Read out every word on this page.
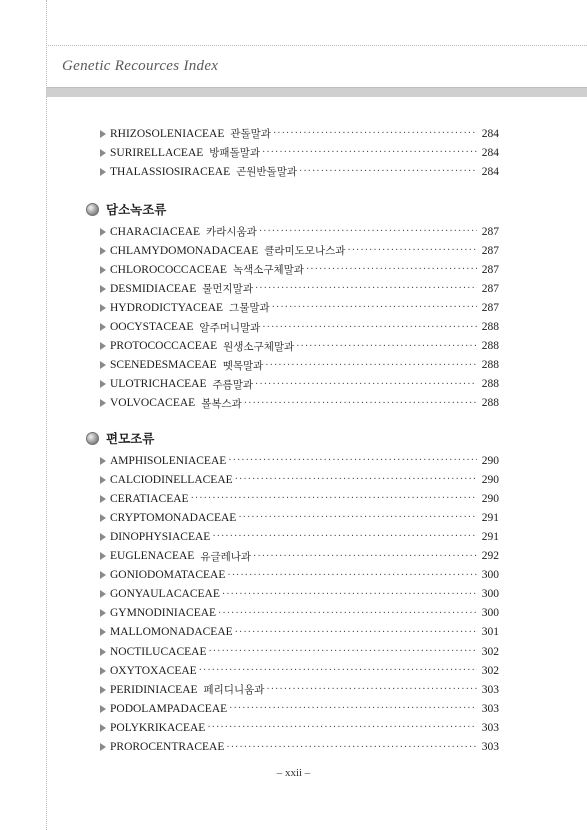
Genetic Recources Index
RHIZOSOLENIACEAE 관돌말과 ·····	284
SURIRELLACEAE 방패돌말과 ·····	284
THALASSIOSIRACEAE 곤원반돌말과 ·····	284
담소녹조류
CHARACIACEAE 카라시움과 ·····	287
CHLAMYDOMONADACEAE 클라미도모나스과 ·····	287
CHLOROCOCCACEAE 녹색소구체말과 ·····	287
DESMIDIACEAE 물먼지말과 ·····	287
HYDRODICTYACEAE 그물말과 ·····	287
OOCYSTACEAE 알주머니말과 ·····	288
PROTOCOCCACEAE 원생소구체말과 ·····	288
SCENEDESMACEAE 뗏목말과 ·····	288
ULOTRICHACEAE 주름말과 ·····	288
VOLVOCACEAE 볼복스과 ·····	288
편모조류
AMPHISOLENIACEAE ·····	290
CALCIODINELLACEAE ·····	290
CERATIACEAE ·····	290
CRYPTOMONADACEAE ·····	291
DINOPHYSIACEAE ·····	291
EUGLENACEAE 유글레나과 ·····	292
GONIODOMATACEAE ·····	300
GONYAULACACEAE ·····	300
GYMNODINIACEAE ·····	300
MALLOMONADACEAE ·····	301
NOCTILUCACEAE ·····	302
OXYTOXACEAE ·····	302
PERIDINIACEAE 페리디니움과 ·····	303
PODOLAMPADACEAE ·····	303
POLYKRIKACEAE ·····	303
PROROCENTRACEAE ·····	303
– xxii –
